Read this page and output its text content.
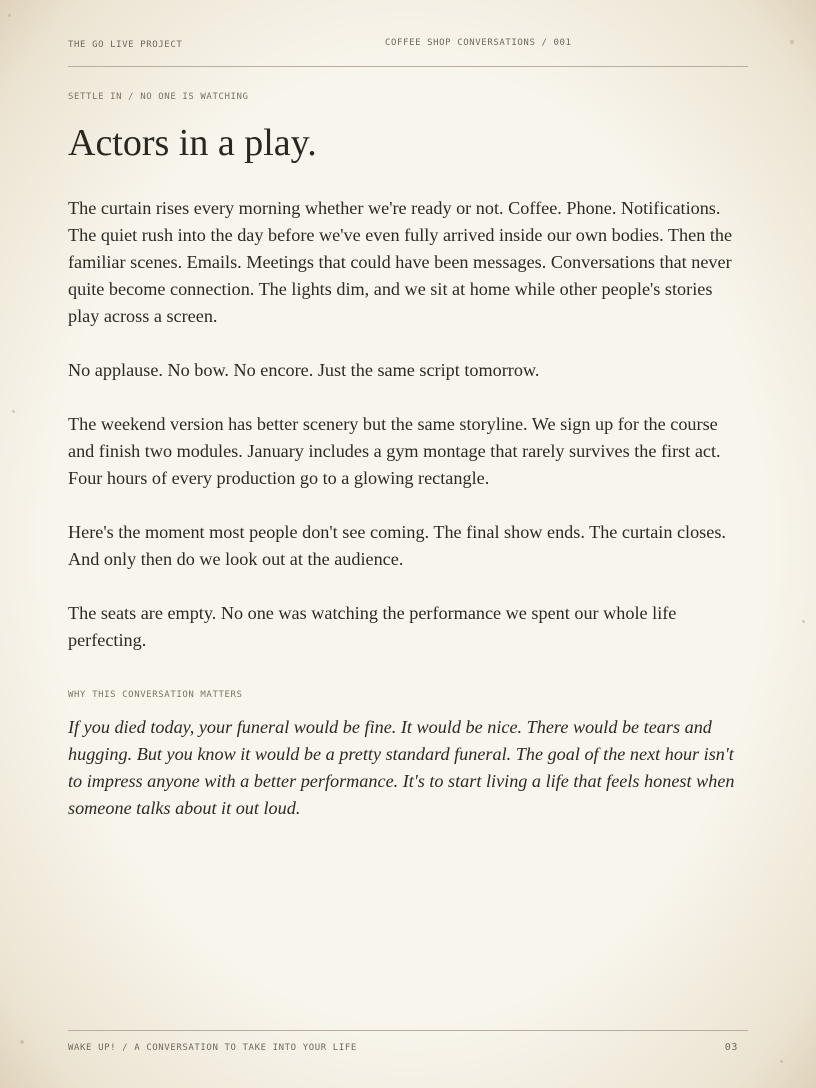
THE GO LIVE PROJECT	COFFEE SHOP CONVERSATIONS / 001

SETTLE IN / NO ONE IS WATCHING

Actors in a play.

The curtain rises every morning whether we're ready or not. Coffee. Phone. Notifications. The quiet rush into the day before we've even fully arrived inside our own bodies. Then the familiar scenes. Emails. Meetings that could have been messages. Conversations that never quite become connection. The lights dim, and we sit at home while other people's stories play across a screen.

No applause. No bow. No encore. Just the same script tomorrow.

The weekend version has better scenery but the same storyline. We sign up for the course and finish two modules. January includes a gym montage that rarely survives the first act. Four hours of every production go to a glowing rectangle.

Here's the moment most people don't see coming. The final show ends. The curtain closes. And only then do we look out at the audience.

The seats are empty. No one was watching the performance we spent our whole life perfecting.

WHY THIS CONVERSATION MATTERS

If you died today, your funeral would be fine. It would be nice. There would be tears and hugging. But you know it would be a pretty standard funeral. The goal of the next hour isn't to impress anyone with a better performance. It's to start living a life that feels honest when someone talks about it out loud.

WAKE UP! / A CONVERSATION TO TAKE INTO YOUR LIFE	03
